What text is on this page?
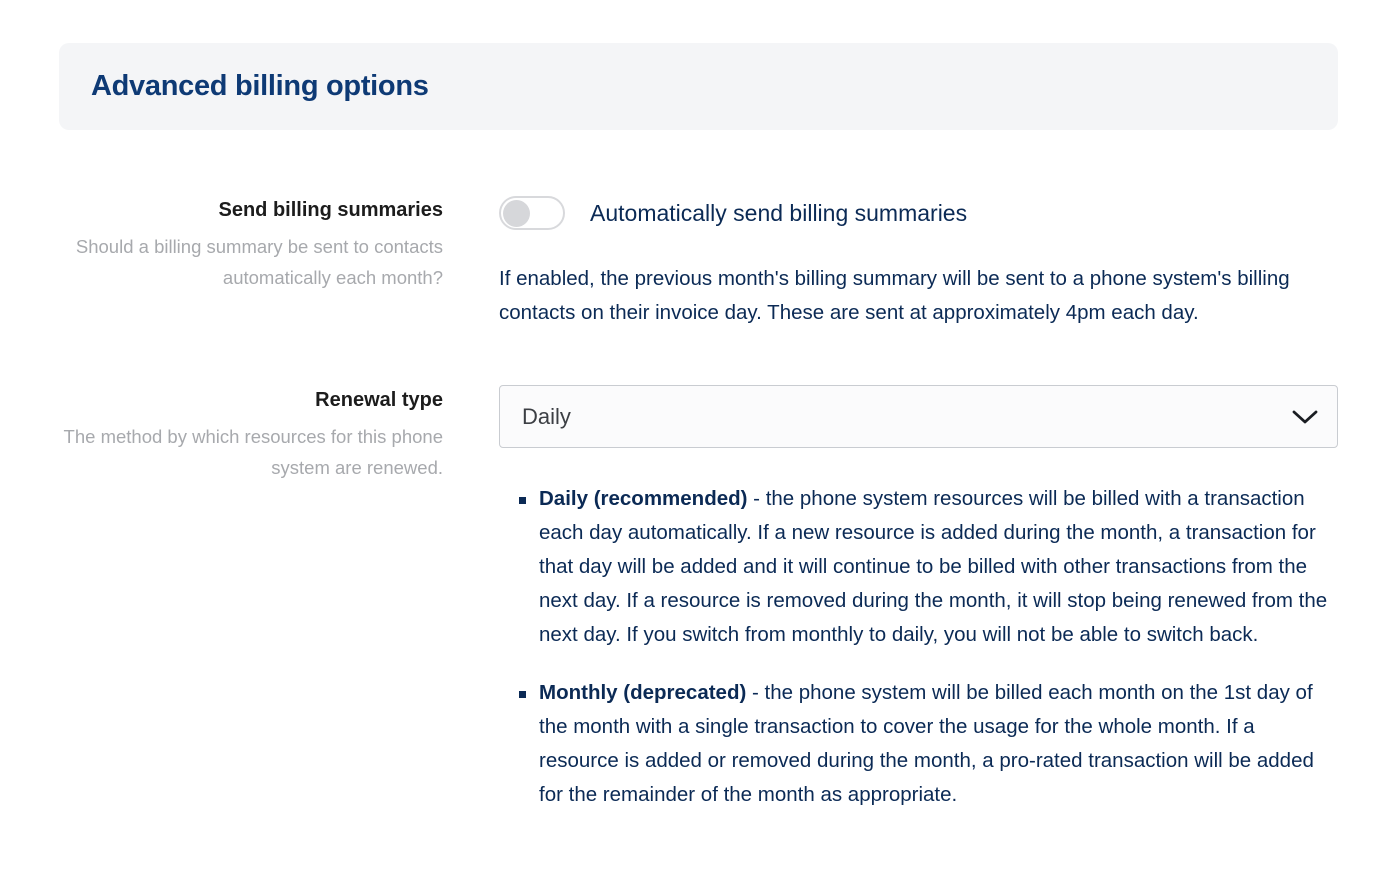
Advanced billing options
Send billing summaries
Should a billing summary be sent to contacts automatically each month?
Automatically send billing summaries
If enabled, the previous month's billing summary will be sent to a phone system's billing contacts on their invoice day. These are sent at approximately 4pm each day.
Renewal type
The method by which resources for this phone system are renewed.
Daily
Daily (recommended) - the phone system resources will be billed with a transaction each day automatically. If a new resource is added during the month, a transaction for that day will be added and it will continue to be billed with other transactions from the next day. If a resource is removed during the month, it will stop being renewed from the next day. If you switch from monthly to daily, you will not be able to switch back.
Monthly (deprecated) - the phone system will be billed each month on the 1st day of the month with a single transaction to cover the usage for the whole month. If a resource is added or removed during the month, a pro-rated transaction will be added for the remainder of the month as appropriate.
